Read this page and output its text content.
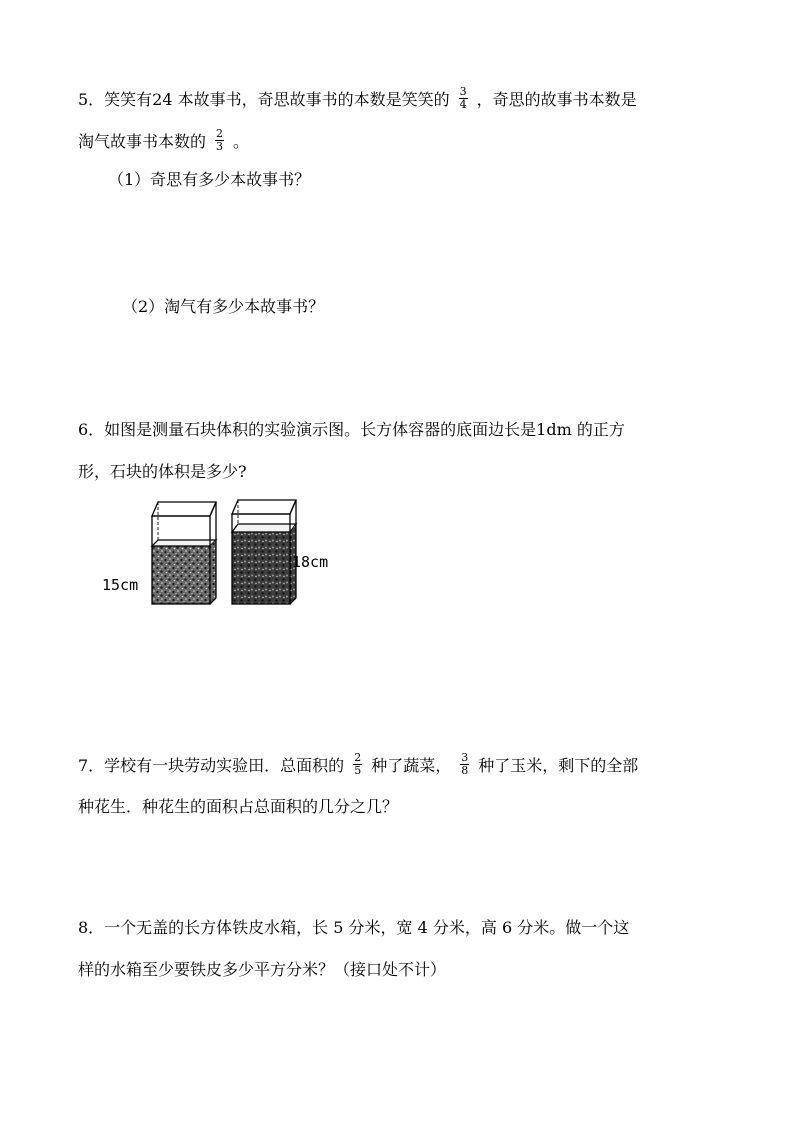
5．笑笑有24 本故事书，奇思故事书的本数是笑笑的 $\frac{3}{4}$ ，奇思的故事书本数是
淘气故事书本数的 $\frac{2}{3}$ 。
（1）奇思有多少本故事书？
（2）淘气有多少本故事书？
6．如图是测量石块体积的实验演示图。长方体容器的底面边长是1dm 的正方
形，石块的体积是多少?
15cm
18cm
7．学校有一块劳动实验田．总面积的 $\frac{2}{5}$ 种了蔬菜， $\frac{3}{8}$ 种了玉米，剩下的全部
种花生．种花生的面积占总面积的几分之几？
8．一个无盖的长方体铁皮水箱，长 5 分米，宽 4 分米，高 6 分米。做一个这
样的水箱至少要铁皮多少平方分米？（接口处不计）
